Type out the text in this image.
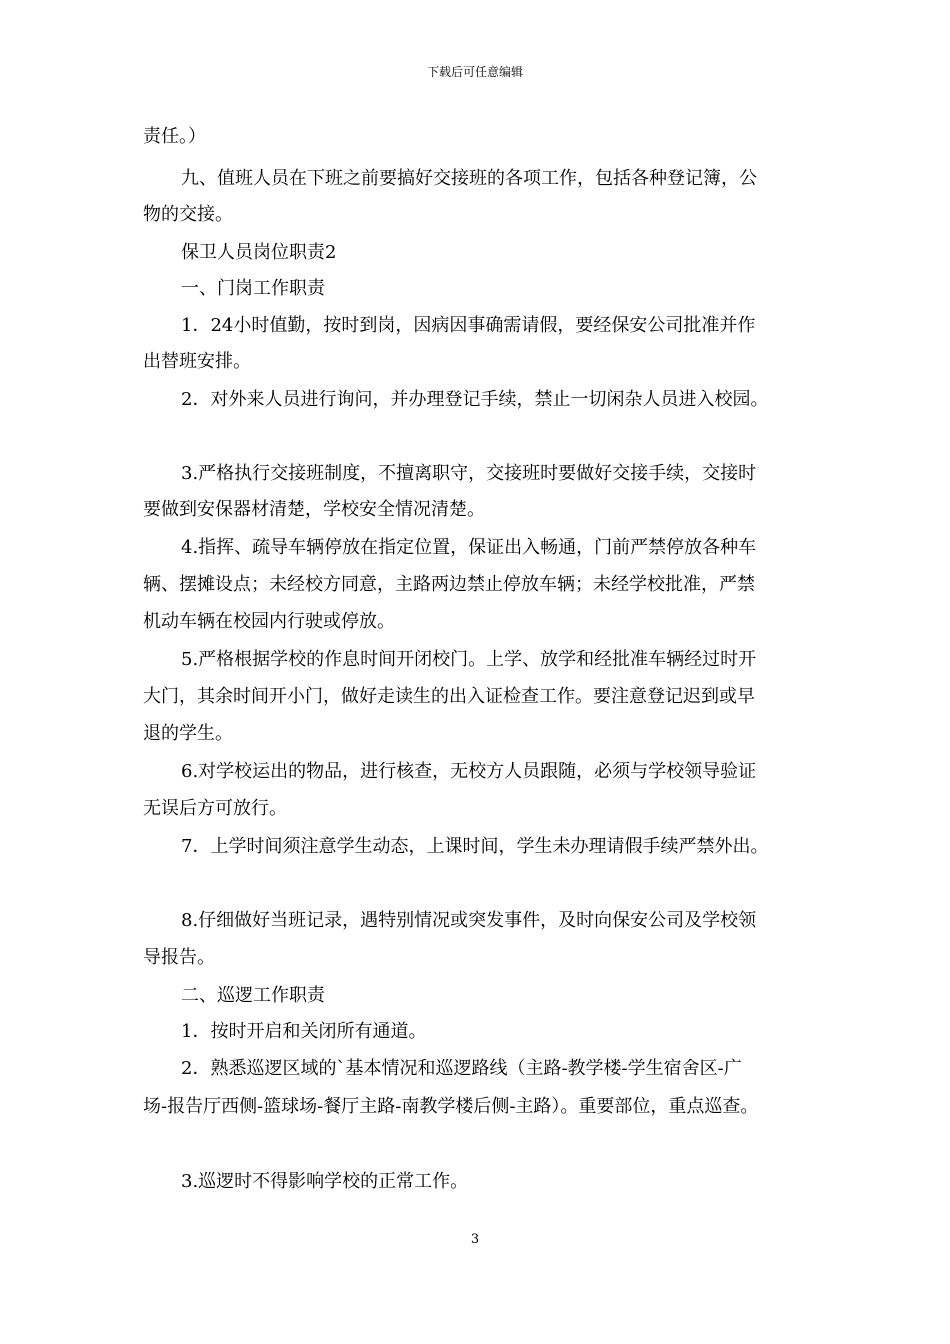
下载后可任意编辑
责任。）
九、值班人员在下班之前要搞好交接班的各项工作，包括各种登记簿，公
物的交接。
保卫人员岗位职责2
一、门岗工作职责
1．24小时值勤，按时到岗，因病因事确需请假，要经保安公司批准并作
出替班安排。
2．对外来人员进行询问，并办理登记手续，禁止一切闲杂人员进入校园。
3.严格执行交接班制度，不擅离职守，交接班时要做好交接手续，交接时
要做到安保器材清楚，学校安全情况清楚。
4.指挥、疏导车辆停放在指定位置，保证出入畅通，门前严禁停放各种车
辆、摆摊设点；未经校方同意，主路两边禁止停放车辆；未经学校批准，严禁
机动车辆在校园内行驶或停放。
5.严格根据学校的作息时间开闭校门。上学、放学和经批准车辆经过时开
大门，其余时间开小门，做好走读生的出入证检查工作。要注意登记迟到或早
退的学生。
6.对学校运出的物品，进行核查，无校方人员跟随，必须与学校领导验证
无误后方可放行。
7．上学时间须注意学生动态，上课时间，学生未办理请假手续严禁外出。
8.仔细做好当班记录，遇特别情况或突发事件，及时向保安公司及学校领
导报告。
二、巡逻工作职责
1．按时开启和关闭所有通道。
2．熟悉巡逻区域的`基本情况和巡逻路线（主路-教学楼-学生宿舍区-广
场-报告厅西侧-篮球场-餐厅主路-南教学楼后侧-主路）。重要部位，重点巡查。
3.巡逻时不得影响学校的正常工作。
3
